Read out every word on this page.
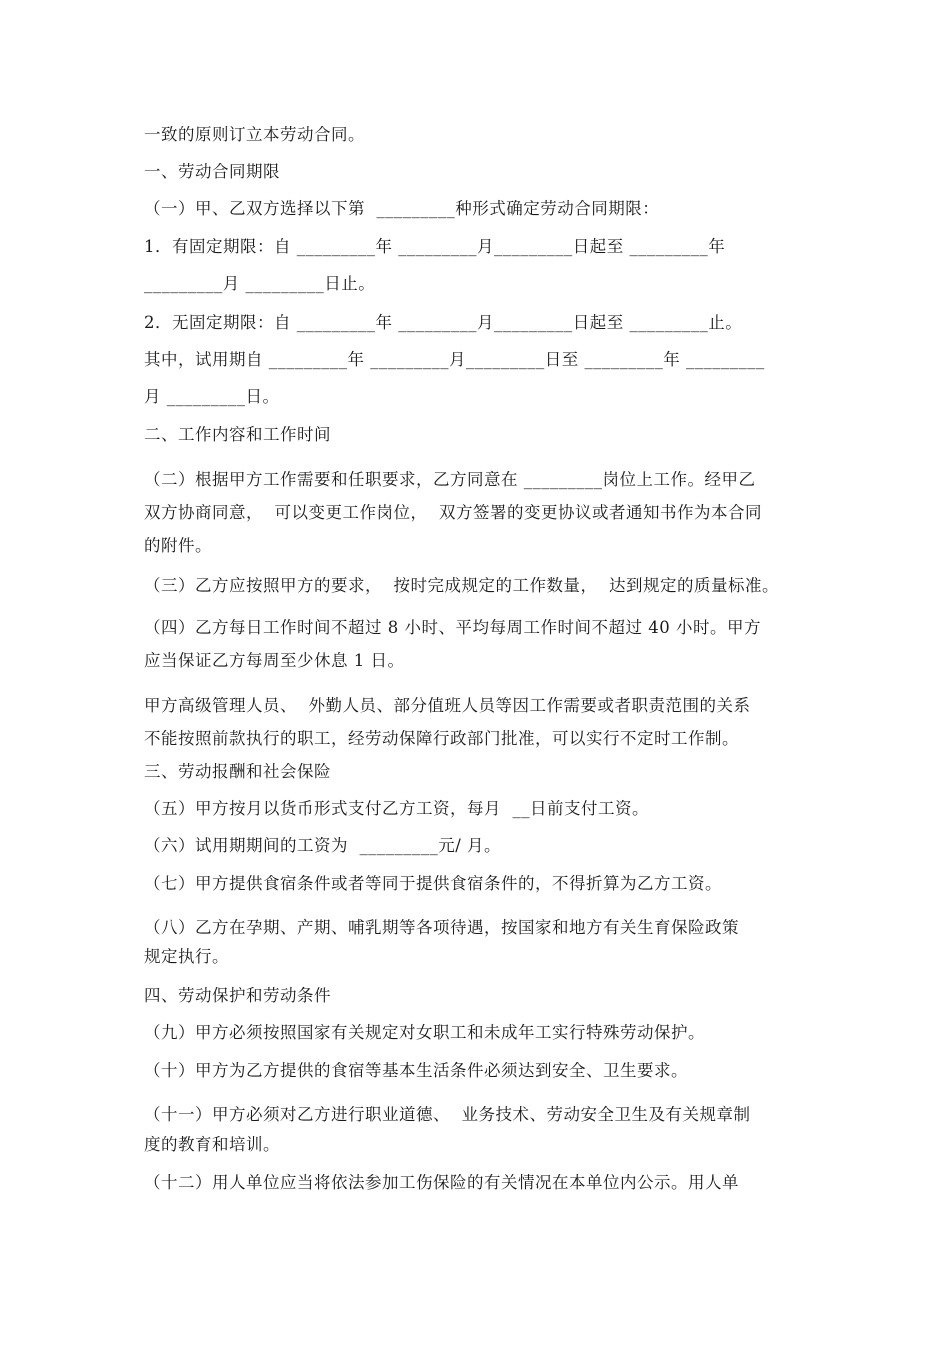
一致的原则订立本劳动合同。
一、劳动合同期限
（一）甲、乙双方选择以下第  _________种形式确定劳动合同期限：
1．有固定期限：自 _________年 _________月_________日起至 _________年
_________月 _________日止。
2．无固定期限：自 _________年 _________月_________日起至 _________止。
其中，试用期自 _________年 _________月_________日至 _________年 _________
月 _________日。
二、工作内容和工作时间
（二）根据甲方工作需要和任职要求，乙方同意在 _________岗位上工作。经甲乙
双方协商同意，  可以变更工作岗位，  双方签署的变更协议或者通知书作为本合同
的附件。
（三）乙方应按照甲方的要求，  按时完成规定的工作数量，  达到规定的质量标准。
（四）乙方每日工作时间不超过 8 小时、平均每周工作时间不超过 40 小时。甲方
应当保证乙方每周至少休息 1 日。
甲方高级管理人员、  外勤人员、部分值班人员等因工作需要或者职责范围的关系
不能按照前款执行的职工，经劳动保障行政部门批准，可以实行不定时工作制。
三、劳动报酬和社会保险
（五）甲方按月以货币形式支付乙方工资，每月  __日前支付工资。
（六）试用期期间的工资为  _________元/ 月。
（七）甲方提供食宿条件或者等同于提供食宿条件的，不得折算为乙方工资。
（八）乙方在孕期、产期、哺乳期等各项待遇，按国家和地方有关生育保险政策
规定执行。
四、劳动保护和劳动条件
（九）甲方必须按照国家有关规定对女职工和未成年工实行特殊劳动保护。
（十）甲方为乙方提供的食宿等基本生活条件必须达到安全、卫生要求。
（十一）甲方必须对乙方进行职业道德、  业务技术、劳动安全卫生及有关规章制
度的教育和培训。
（十二）用人单位应当将依法参加工伤保险的有关情况在本单位内公示。用人单
